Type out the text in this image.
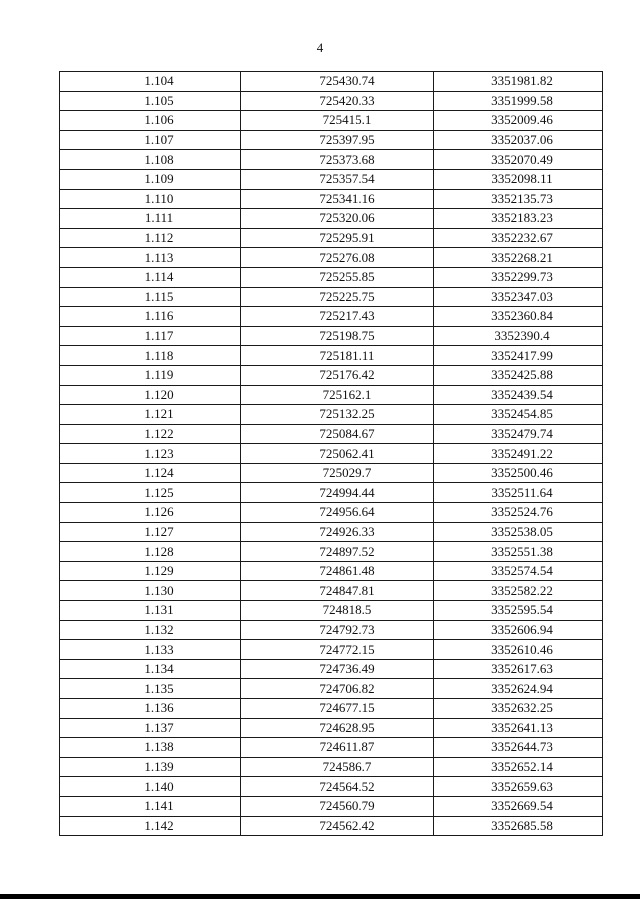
4
1.104	725430.74	3351981.82
1.105	725420.33	3351999.58
1.106	725415.1	3352009.46
1.107	725397.95	3352037.06
1.108	725373.68	3352070.49
1.109	725357.54	3352098.11
1.110	725341.16	3352135.73
1.111	725320.06	3352183.23
1.112	725295.91	3352232.67
1.113	725276.08	3352268.21
1.114	725255.85	3352299.73
1.115	725225.75	3352347.03
1.116	725217.43	3352360.84
1.117	725198.75	3352390.4
1.118	725181.11	3352417.99
1.119	725176.42	3352425.88
1.120	725162.1	3352439.54
1.121	725132.25	3352454.85
1.122	725084.67	3352479.74
1.123	725062.41	3352491.22
1.124	725029.7	3352500.46
1.125	724994.44	3352511.64
1.126	724956.64	3352524.76
1.127	724926.33	3352538.05
1.128	724897.52	3352551.38
1.129	724861.48	3352574.54
1.130	724847.81	3352582.22
1.131	724818.5	3352595.54
1.132	724792.73	3352606.94
1.133	724772.15	3352610.46
1.134	724736.49	3352617.63
1.135	724706.82	3352624.94
1.136	724677.15	3352632.25
1.137	724628.95	3352641.13
1.138	724611.87	3352644.73
1.139	724586.7	3352652.14
1.140	724564.52	3352659.63
1.141	724560.79	3352669.54
1.142	724562.42	3352685.58
